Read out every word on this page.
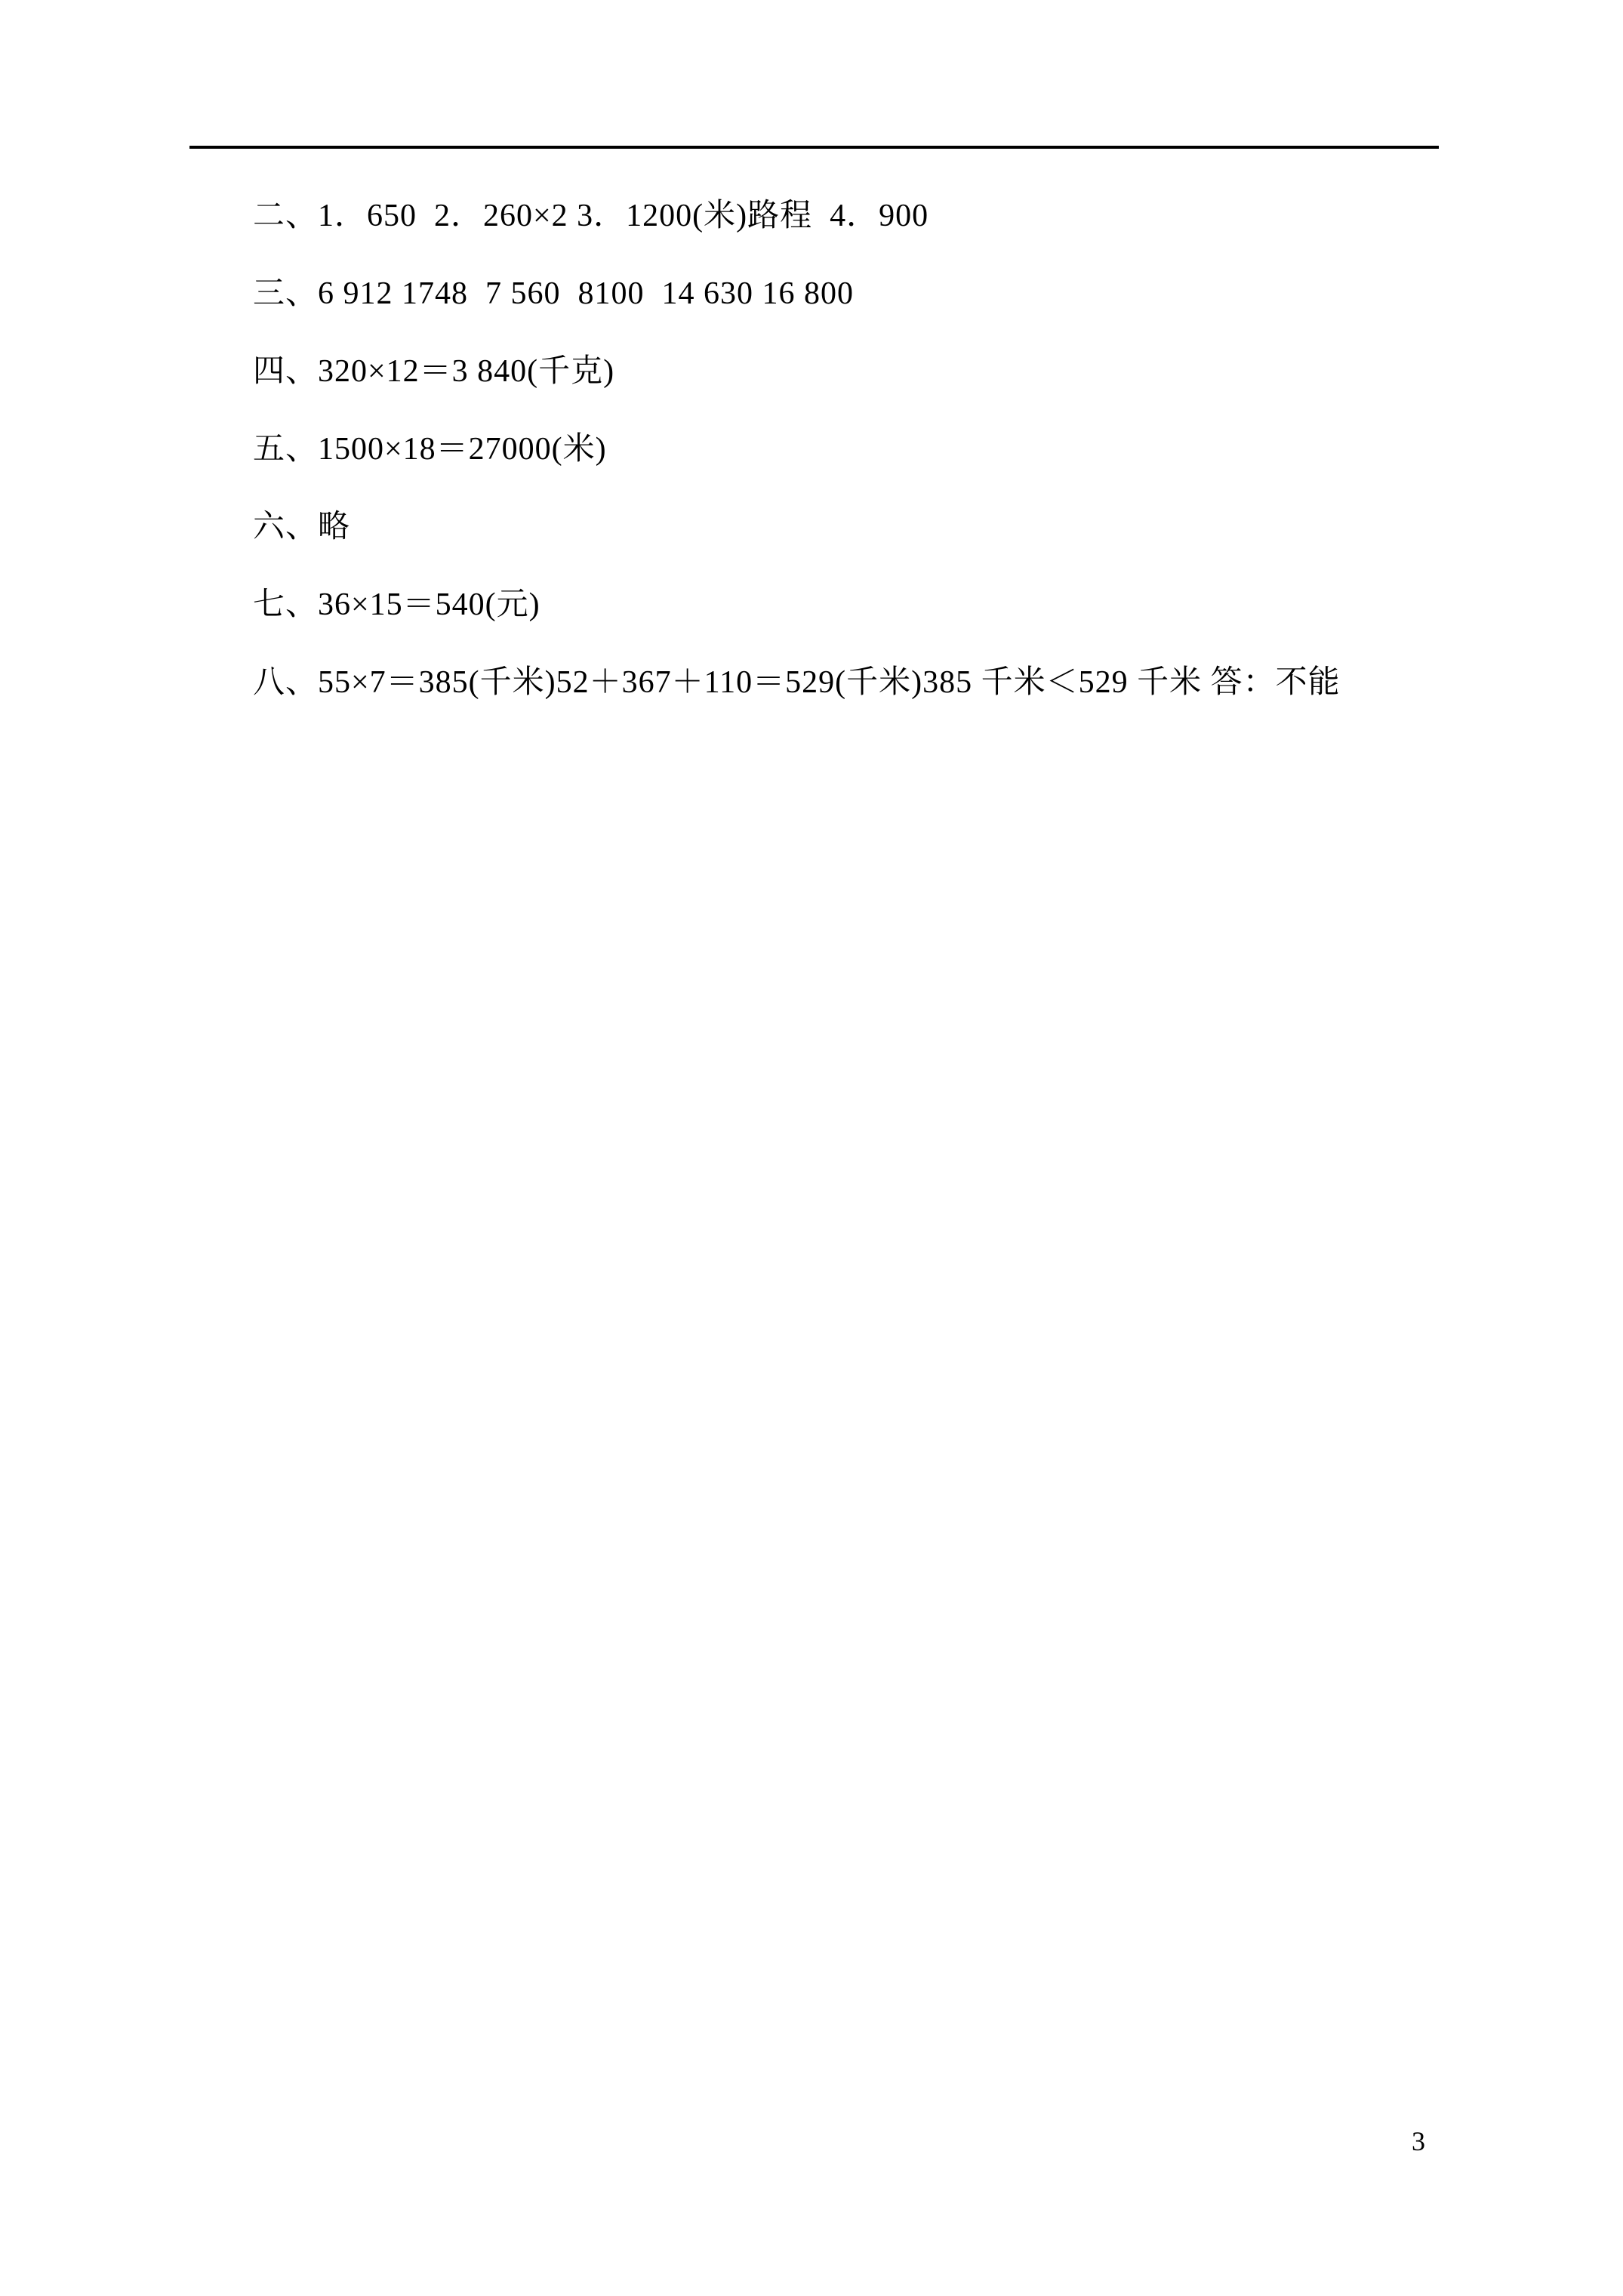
二、1．650  2．260×2 3．1200(米)路程  4．900

三、6 912 1748  7 560  8100  14 630 16 800

四、320×12＝3 840(千克)

五、1500×18＝27000(米)

六、略

七、36×15＝540(元)

八、55×7＝385(千米)52＋367＋110＝529(千米)385 千米＜529 千米 答：不能

3
